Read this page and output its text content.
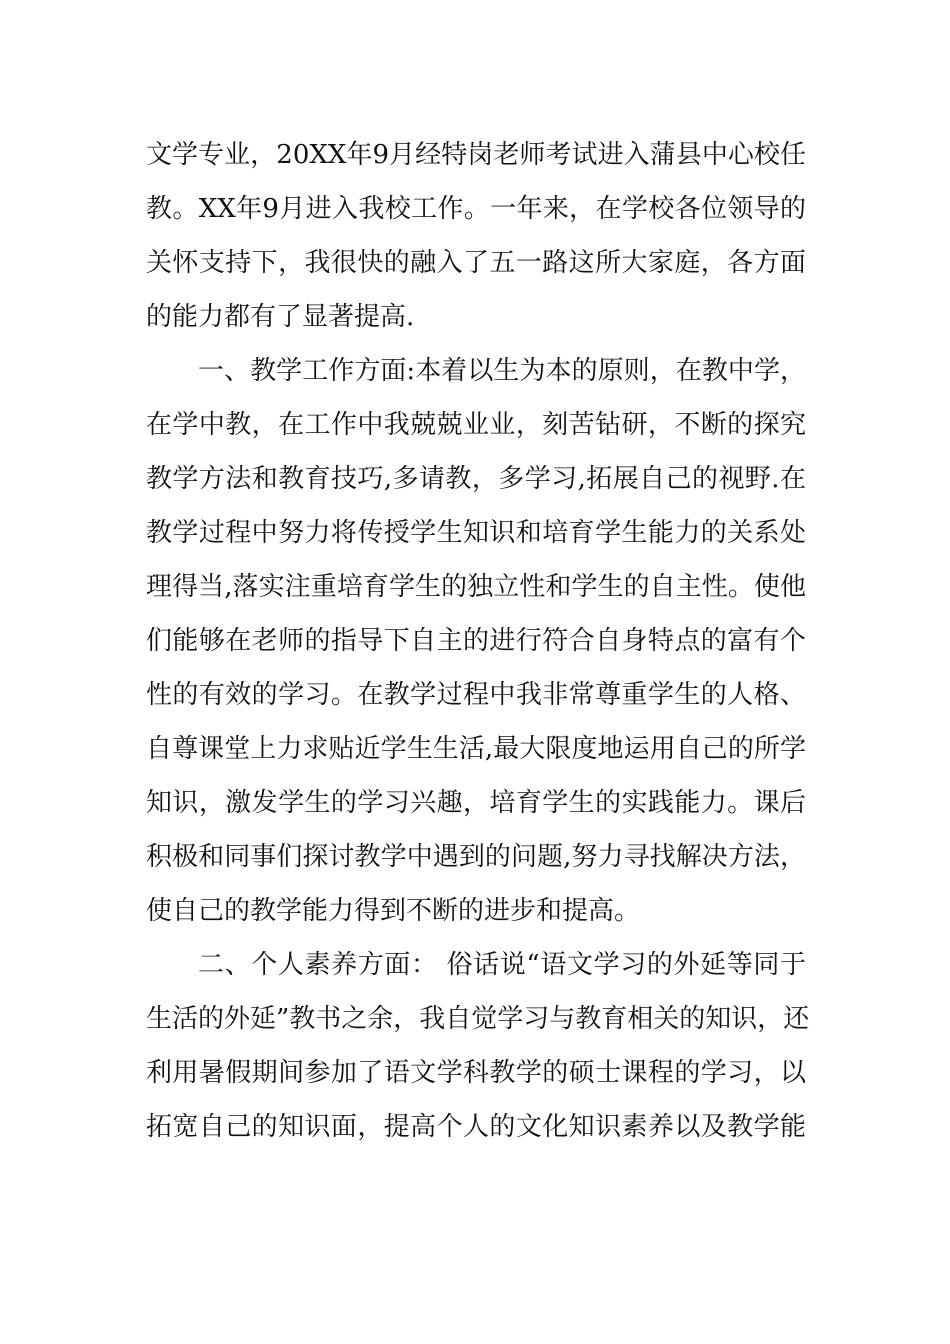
文学专业，20XX年9月经特岗老师考试进入蒲县中心校任
教。XX年9月进入我校工作。一年来，在学校各位领导的
关怀支持下，我很快的融入了五一路这所大家庭，各方面
的能力都有了显著提高.
一、教学工作方面:本着以生为本的原则，在教中学，
在学中教，在工作中我兢兢业业，刻苦钻研，不断的探究
教学方法和教育技巧,多请教，多学习,拓展自己的视野.在
教学过程中努力将传授学生知识和培育学生能力的关系处
理得当,落实注重培育学生的独立性和学生的自主性。使他
们能够在老师的指导下自主的进行符合自身特点的富有个
性的有效的学习。在教学过程中我非常尊重学生的人格、
自尊课堂上力求贴近学生生活,最大限度地运用自己的所学
知识，激发学生的学习兴趣，培育学生的实践能力。课后
积极和同事们探讨教学中遇到的问题,努力寻找解决方法，
使自己的教学能力得到不断的进步和提高。
二、个人素养方面： 俗话说“语文学习的外延等同于
生活的外延”教书之余，我自觉学习与教育相关的知识，还
利用暑假期间参加了语文学科教学的硕士课程的学习，以
拓宽自己的知识面，提高个人的文化知识素养以及教学能
